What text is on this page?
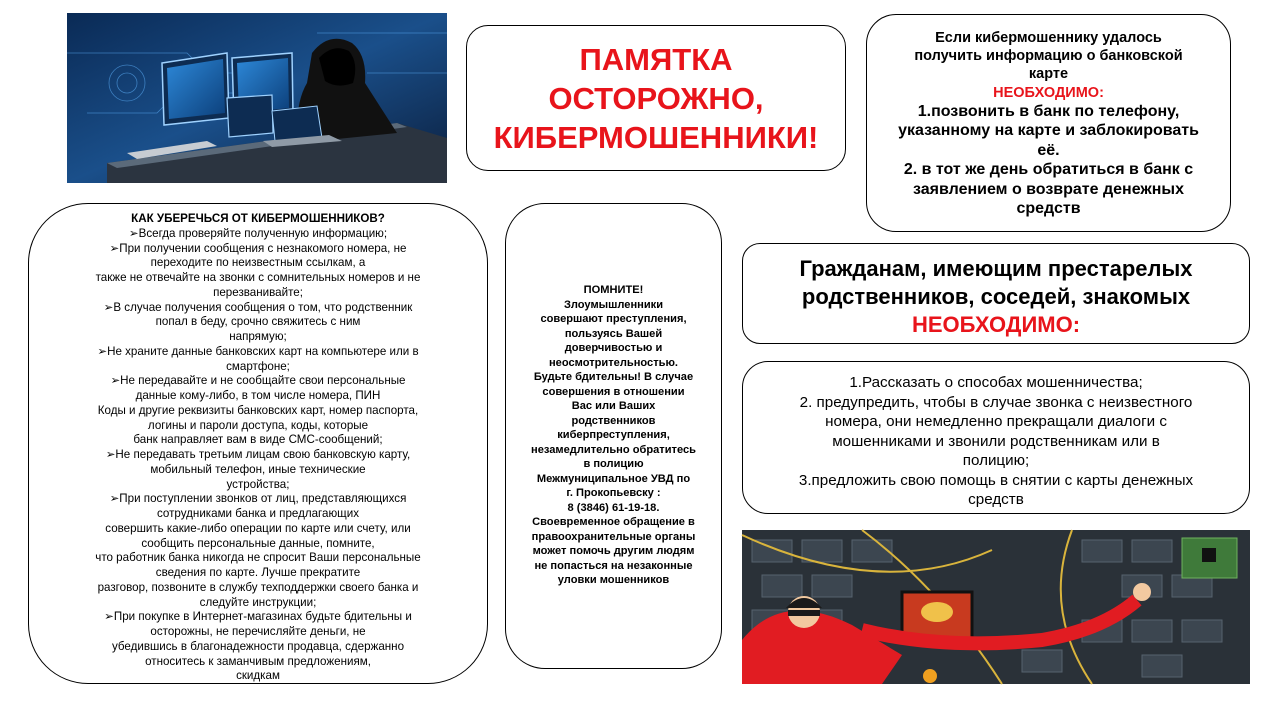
Adobe Stock
ПАМЯТКА
ОСТОРОЖНО,
КИБЕРМОШЕННИКИ!

Если кибермошеннику удалось

получить информацию о банковской

карте

НЕОБХОДИМО:

1.позвонить в банк по телефону,

указанному на карте и заблокировать

её.

2. в тот же день обратиться в банк с

заявлением о возврате денежных

средств

КАК УБЕРЕЧЬСЯ ОТ КИБЕРМОШЕННИКОВ?

➢Всегда проверяйте полученную информацию;

➢При получении сообщения с незнакомого номера, не

переходите по неизвестным ссылкам, а

также не отвечайте на звонки с сомнительных номеров и не

перезванивайте;

➢В случае получения сообщения о том, что родственник

попал в беду, срочно свяжитесь с ним

напрямую;

➢Не храните данные банковских карт на компьютере или в

смартфоне;

➢Не передавайте и не сообщайте свои персональные

данные кому-либо, в том числе номера, ПИН

Коды и другие реквизиты банковских карт, номер паспорта,

логины и пароли доступа, коды, которые

банк направляет вам в виде СМС-сообщений;

➢Не передавать третьим лицам свою банковскую карту,

мобильный телефон, иные технические

устройства;

➢При поступлении звонков от лиц, представляющихся

сотрудниками банка и предлагающих

совершить какие-либо операции по карте или счету, или

сообщить персональные данные, помните,

что работник банка никогда не спросит Ваши персональные

сведения по карте. Лучше прекратите

разговор, позвоните в службу техподдержки своего банка и

следуйте инструкции;

➢При покупке в Интернет-магазинах будьте бдительны и

осторожны, не перечисляйте деньги, не

убедившись в благонадежности продавца, сдержанно

относитесь к заманчивым предложениям,

скидкам

ПОМНИТЕ!

Злоумышленники

совершают преступления,

пользуясь Вашей

доверчивостью и

неосмотрительностью.

Будьте бдительны! В случае

совершения в отношении

Вас или Ваших

родственников

киберпреступления,

незамедлительно обратитесь

в полицию

Межмуниципальное УВД по

г. Прокопьевску :

8 (3846) 61-19-18.

Своевременное обращение в

правоохранительные органы

может помочь другим людям

не попасться на незаконные

уловки мошенников

Гражданам, имеющим престарелых

родственников, соседей, знакомых

НЕОБХОДИМО:

1.Рассказать о способах мошенничества;

2. предупредить, чтобы в случае звонка с неизвестного

номера, они немедленно прекращали диалоги с

мошенниками и звонили родственникам или в

полицию;

3.предложить свою помощь в снятии с карты денежных

средств
